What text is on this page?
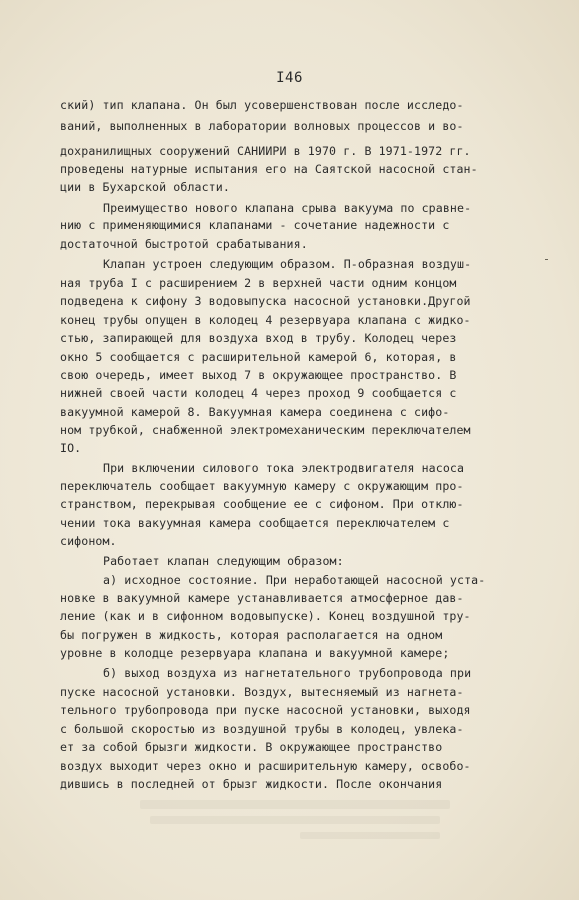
I46
ский) тип клапана. Он был усовершенствован после исследо-
ваний, выполненных в лаборатории волновых процессов и во-
дохранилищных сооружений САНИИРИ в 1970 г. В 1971-1972 гг.
проведены натурные испытания его на Саятской насосной стан-
ции в Бухарской области.
Преимущество нового клапана срыва вакуума по сравне-
нию с применяющимися клапанами - сочетание надежности с
достаточной быстротой срабатывания.
Клапан устроен следующим образом. П-образная воздуш-
ная труба I с расширением 2 в верхней части одним концом
подведена к сифону 3 водовыпуска насосной установки.Другой
конец трубы опущен в колодец 4 резервуара клапана с жидко-
стью, запирающей для воздуха вход в трубу. Колодец через
окно 5 сообщается с расширительной камерой 6, которая, в
свою очередь, имеет выход 7 в окружающее пространство. В
нижней своей части колодец 4 через проход 9 сообщается с
вакуумной камерой 8. Вакуумная камера соединена с сифо-
ном трубкой, снабженной электромеханическим переключателем
IO.
При включении силового тока электродвигателя насоса
переключатель сообщает вакуумную камеру с окружающим про-
странством, перекрывая сообщение ее с сифоном. При отклю-
чении тока вакуумная камера сообщается переключателем с
сифоном.
Работает клапан следующим образом:
а) исходное состояние. При неработающей насосной уста-
новке в вакуумной камере устанавливается атмосферное дав-
ление (как и в сифонном водовыпуске). Конец воздушной тру-
бы погружен в жидкость, которая располагается на одном
уровне в колодце резервуара клапана и вакуумной камере;
б) выход воздуха из нагнетательного трубопровода при
пуске насосной установки. Воздух, вытесняемый из нагнета-
тельного трубопровода при пуске насосной установки, выходя
с большой скоростью из воздушной трубы в колодец, увлека-
ет за собой брызги жидкости. В окружающее пространство
воздух выходит через окно и расширительную камеру, освобо-
дившись в последней от брызг жидкости. После окончания
